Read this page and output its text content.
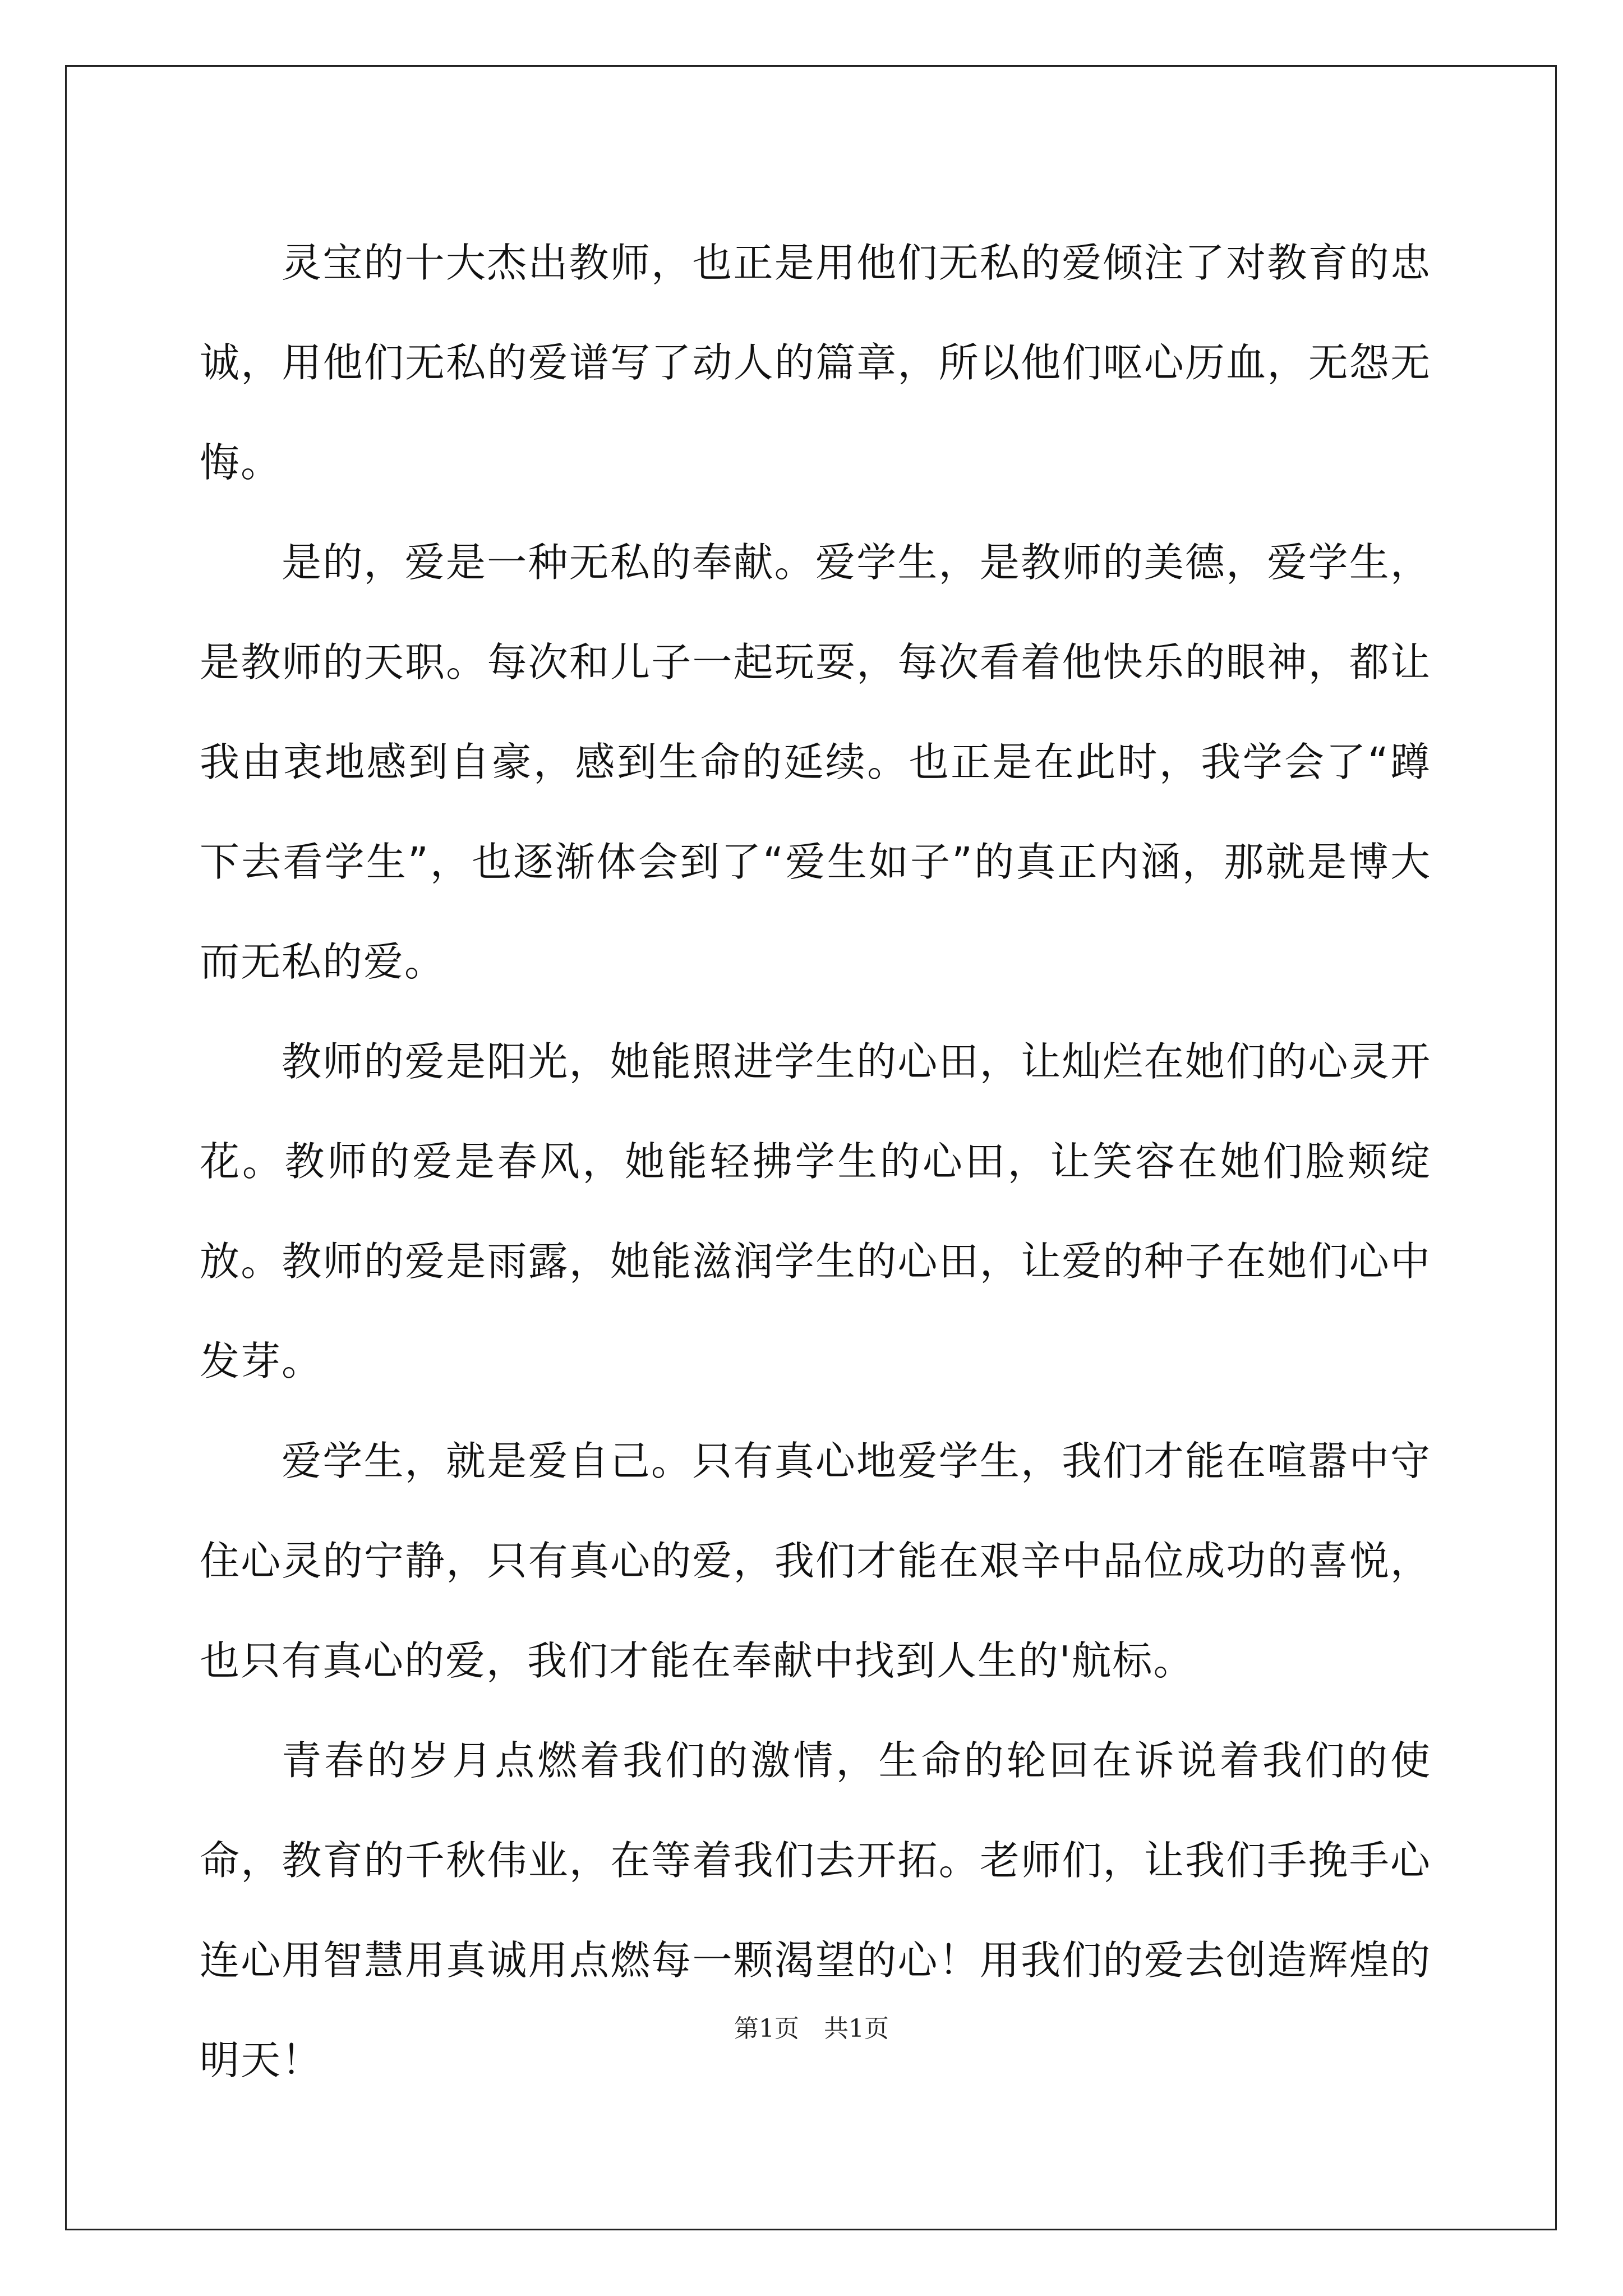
灵宝的十大杰出教师，也正是用他们无私的爱倾注了对教育的忠诚，用他们无私的爱谱写了动人的篇章，所以他们呕心历血，无怨无悔。

是的，爱是一种无私的奉献。爱学生，是教师的美德，爱学生，是教师的天职。每次和儿子一起玩耍，每次看着他快乐的眼神，都让我由衷地感到自豪，感到生命的延续。也正是在此时，我学会了“蹲下去看学生”，也逐渐体会到了“爱生如子”的真正内涵，那就是博大而无私的爱。

教师的爱是阳光，她能照进学生的心田，让灿烂在她们的心灵开花。教师的爱是春风，她能轻拂学生的心田，让笑容在她们脸颊绽放。教师的爱是雨露，她能滋润学生的心田，让爱的种子在她们心中发芽。

爱学生，就是爱自己。只有真心地爱学生，我们才能在喧嚣中守住心灵的宁静，只有真心的爱，我们才能在艰辛中品位成功的喜悦，也只有真心的爱，我们才能在奉献中找到人生的'航标。

青春的岁月点燃着我们的激情，生命的轮回在诉说着我们的使命，教育的千秋伟业，在等着我们去开拓。老师们，让我们手挽手心连心用智慧用真诚用点燃每一颗渴望的心！用我们的爱去创造辉煌的明天！

第1页　共1页
